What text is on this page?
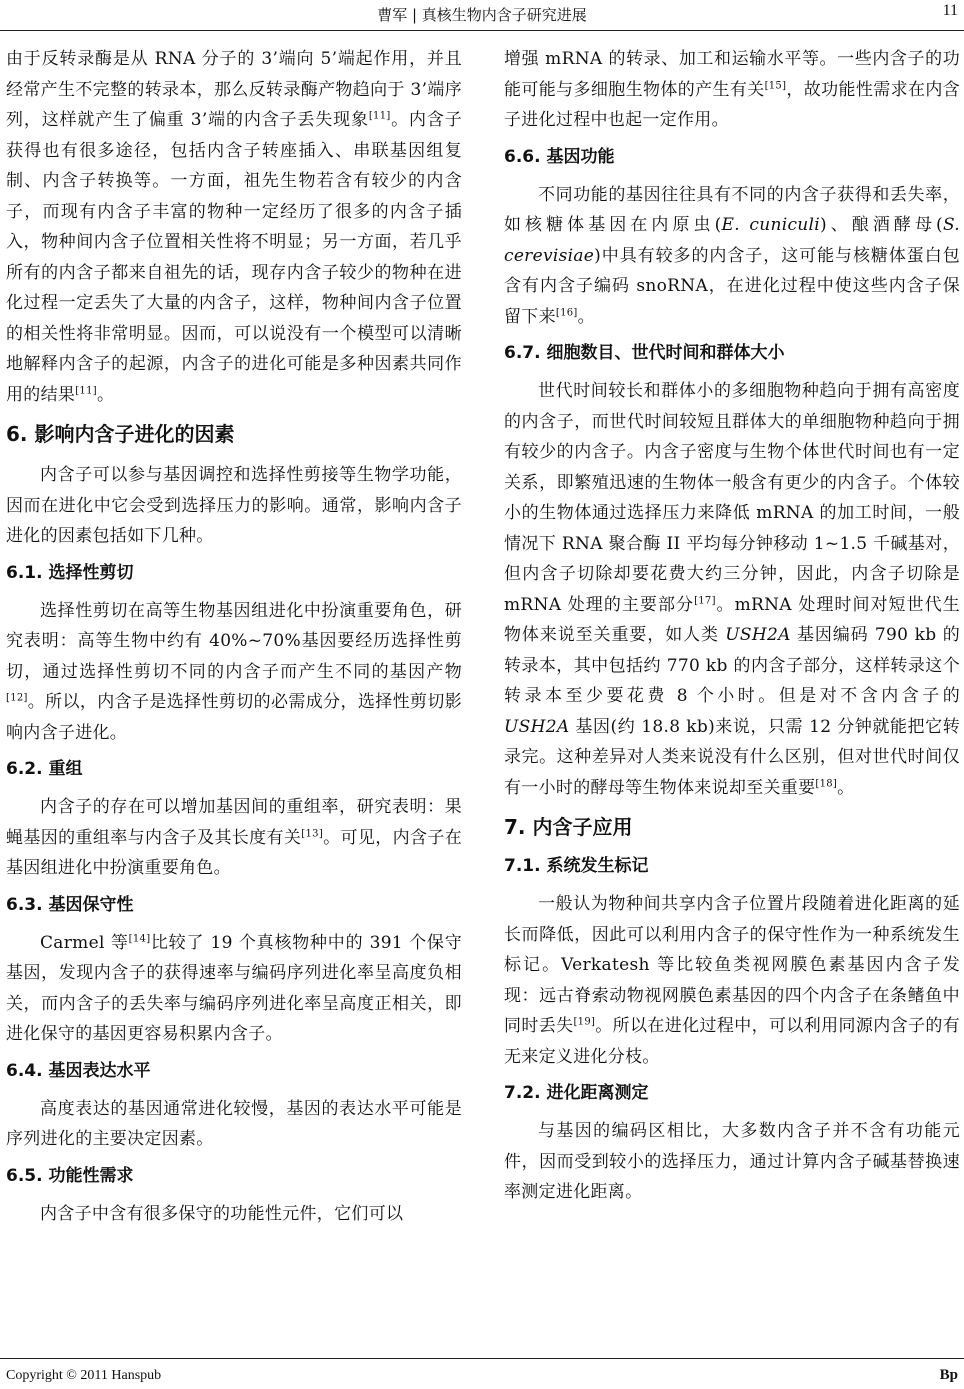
曹军 | 真核生物内含子研究进展	11

由于反转录酶是从 RNA 分子的 3’端向 5’端起作用，并且经常产生不完整的转录本，那么反转录酶产物趋向于 3’端序列，这样就产生了偏重 3’端的内含子丢失现象[11]。内含子获得也有很多途径，包括内含子转座插入、串联基因组复制、内含子转换等。一方面，祖先生物若含有较少的内含子，而现有内含子丰富的物种一定经历了很多的内含子插入，物种间内含子位置相关性将不明显；另一方面，若几乎所有的内含子都来自祖先的话，现存内含子较少的物种在进化过程一定丢失了大量的内含子，这样，物种间内含子位置的相关性将非常明显。因而，可以说没有一个模型可以清晰地解释内含子的起源，内含子的进化可能是多种因素共同作用的结果[11]。

6. 影响内含子进化的因素

内含子可以参与基因调控和选择性剪接等生物学功能，因而在进化中它会受到选择压力的影响。通常，影响内含子进化的因素包括如下几种。

6.1. 选择性剪切

选择性剪切在高等生物基因组进化中扮演重要角色，研究表明：高等生物中约有 40%~70%基因要经历选择性剪切，通过选择性剪切不同的内含子而产生不同的基因产物[12]。所以，内含子是选择性剪切的必需成分，选择性剪切影响内含子进化。

6.2. 重组

内含子的存在可以增加基因间的重组率，研究表明：果蝇基因的重组率与内含子及其长度有关[13]。可见，内含子在基因组进化中扮演重要角色。

6.3. 基因保守性

Carmel 等[14]比较了 19 个真核物种中的 391 个保守基因，发现内含子的获得速率与编码序列进化率呈高度负相关，而内含子的丢失率与编码序列进化率呈高度正相关，即进化保守的基因更容易积累内含子。

6.4. 基因表达水平

高度表达的基因通常进化较慢，基因的表达水平可能是序列进化的主要决定因素。

6.5. 功能性需求

内含子中含有很多保守的功能性元件，它们可以

增强 mRNA 的转录、加工和运输水平等。一些内含子的功能可能与多细胞生物体的产生有关[15]，故功能性需求在内含子进化过程中也起一定作用。

6.6. 基因功能

不同功能的基因往往具有不同的内含子获得和丢失率，如核糖体基因在内原虫(E. cuniculi)、酿酒酵母(S. cerevisiae)中具有较多的内含子，这可能与核糖体蛋白包含有内含子编码 snoRNA，在进化过程中使这些内含子保留下来[16]。

6.7. 细胞数目、世代时间和群体大小

世代时间较长和群体小的多细胞物种趋向于拥有高密度的内含子，而世代时间较短且群体大的单细胞物种趋向于拥有较少的内含子。内含子密度与生物个体世代时间也有一定关系，即繁殖迅速的生物体一般含有更少的内含子。个体较小的生物体通过选择压力来降低 mRNA 的加工时间，一般情况下 RNA 聚合酶 II 平均每分钟移动 1~1.5 千碱基对，但内含子切除却要花费大约三分钟，因此，内含子切除是 mRNA 处理的主要部分[17]。mRNA 处理时间对短世代生物体来说至关重要，如人类 USH2A 基因编码 790 kb 的转录本，其中包括约 770 kb 的内含子部分，这样转录这个转录本至少要花费 8 个小时。但是对不含内含子的 USH2A 基因(约 18.8 kb)来说，只需 12 分钟就能把它转录完。这种差异对人类来说没有什么区别，但对世代时间仅有一小时的酵母等生物体来说却至关重要[18]。

7. 内含子应用
7.1. 系统发生标记

一般认为物种间共享内含子位置片段随着进化距离的延长而降低，因此可以利用内含子的保守性作为一种系统发生标记。Verkatesh 等比较鱼类视网膜色素基因内含子发现：远古脊索动物视网膜色素基因的四个内含子在条鳍鱼中同时丢失[19]。所以在进化过程中，可以利用同源内含子的有无来定义进化分枝。

7.2. 进化距离测定

与基因的编码区相比，大多数内含子并不含有功能元件，因而受到较小的选择压力，通过计算内含子碱基替换速率测定进化距离。

Copyright © 2011 Hanspub	Bp
